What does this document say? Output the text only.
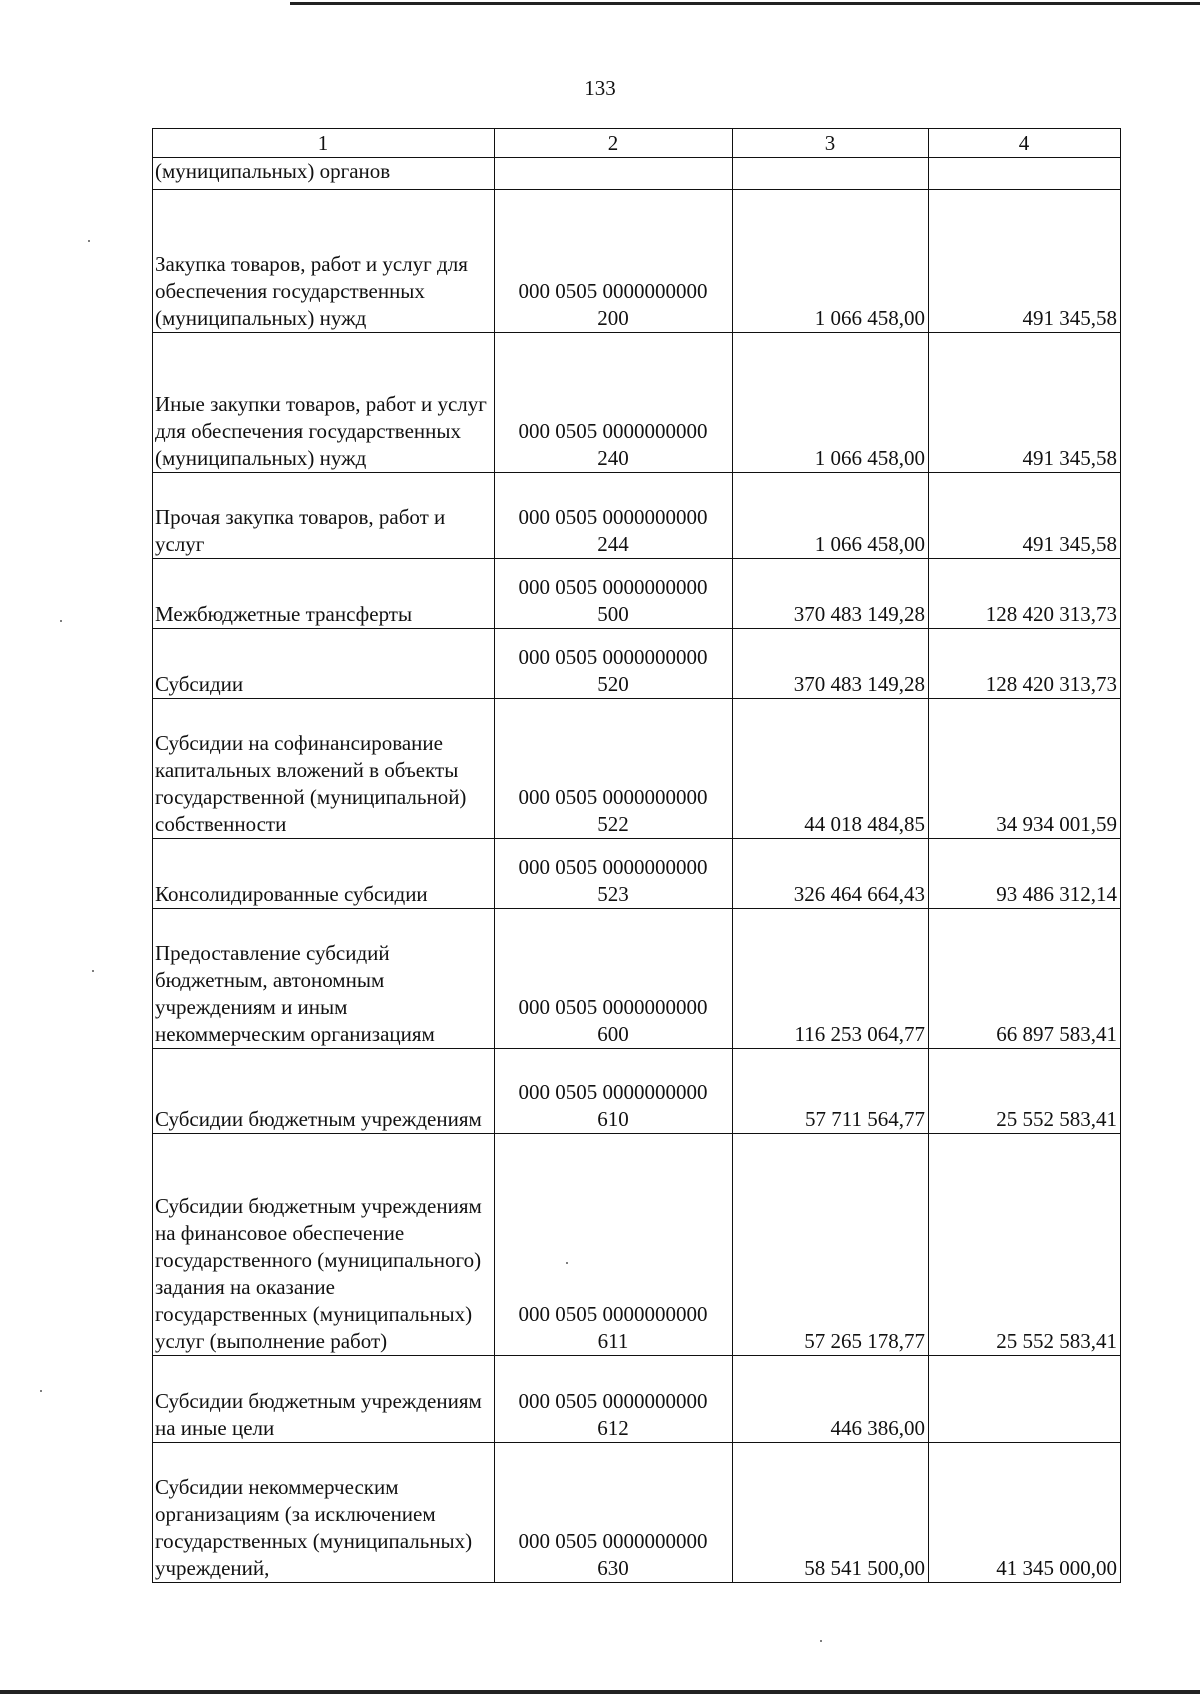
133
1	2	3	4

(муниципальных) органов			

Закупка товаров, работ и услуг для обеспечения государственных (муниципальных) нужд	000 0505 0000000000
200	1 066 458,00	491 345,58

Иные закупки товаров, работ и услуг для обеспечения государственных (муниципальных) нужд	000 0505 0000000000
240	1 066 458,00	491 345,58

Прочая закупка товаров, работ и услуг	000 0505 0000000000
244	1 066 458,00	491 345,58

Межбюджетные трансферты	000 0505 0000000000
500	370 483 149,28	128 420 313,73

Субсидии	000 0505 0000000000
520	370 483 149,28	128 420 313,73

Субсидии на софинансирование капитальных вложений в объекты государственной (муниципальной) собственности	000 0505 0000000000
522	44 018 484,85	34 934 001,59

Консолидированные субсидии	000 0505 0000000000
523	326 464 664,43	93 486 312,14

Предоставление субсидий бюджетным, автономным учреждениям и иным некоммерческим организациям	000 0505 0000000000
600	116 253 064,77	66 897 583,41

Субсидии бюджетным учреждениям	000 0505 0000000000
610	57 711 564,77	25 552 583,41

Субсидии бюджетным учреждениям на финансовое обеспечение государственного (муниципального) задания на оказание государственных (муниципальных) услуг (выполнение работ)	000 0505 0000000000
611	57 265 178,77	25 552 583,41

Субсидии бюджетным учреждениям на иные цели	000 0505 0000000000
612	446 386,00	

Субсидии некоммерческим организациям (за исключением государственных (муниципальных) учреждений,	000 0505 0000000000
630	58 541 500,00	41 345 000,00
